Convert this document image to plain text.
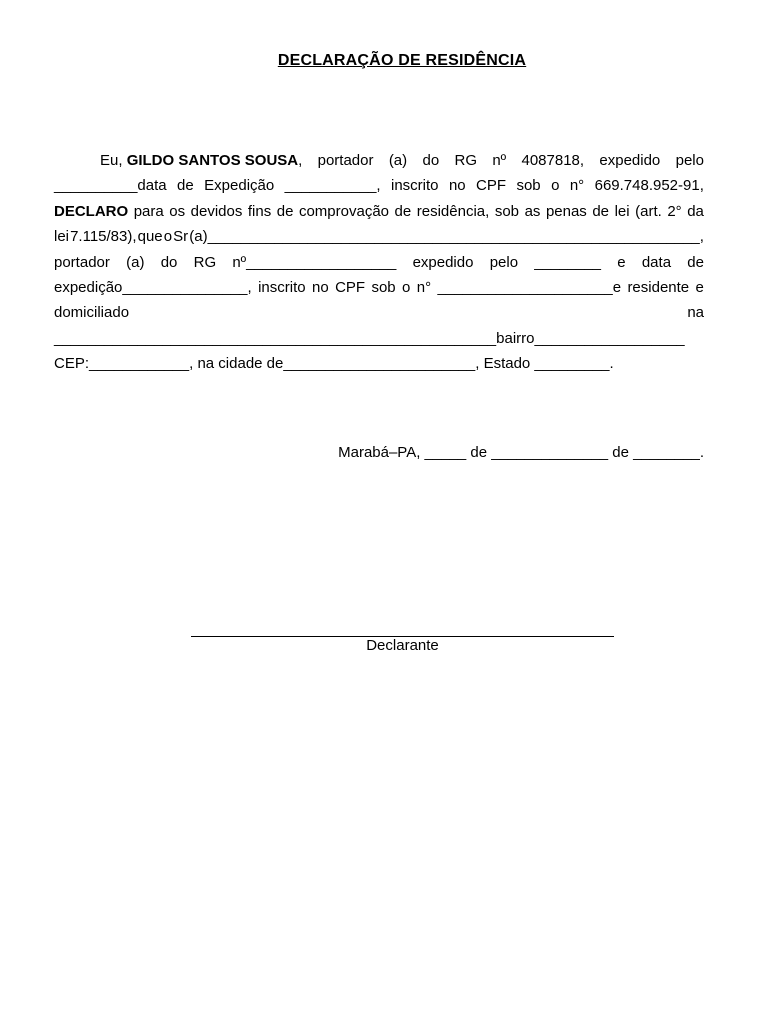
DECLARAÇÃO DE RESIDÊNCIA
Eu, GILDO SANTOS SOUSA, portador (a) do RG nº 4087818, expedido pelo
__________data de Expedição ___________, inscrito no CPF sob o n° 669.748.952-91,
DECLARO para os devidos fins de comprovação de residência, sob as penas de lei (art. 2° da
lei 7.115/83), que o Sr (a)___________________________________________________________,
portador (a) do RG nº__________________ expedido pelo ________ e data de
expedição_______________, inscrito no CPF sob o n° _____________________e residente e
domiciliado	na
_____________________________________________________bairro__________________
CEP:____________, na cidade de_______________________, Estado _________.
Marabá–PA, _____ de ______________ de ________.
Declarante
